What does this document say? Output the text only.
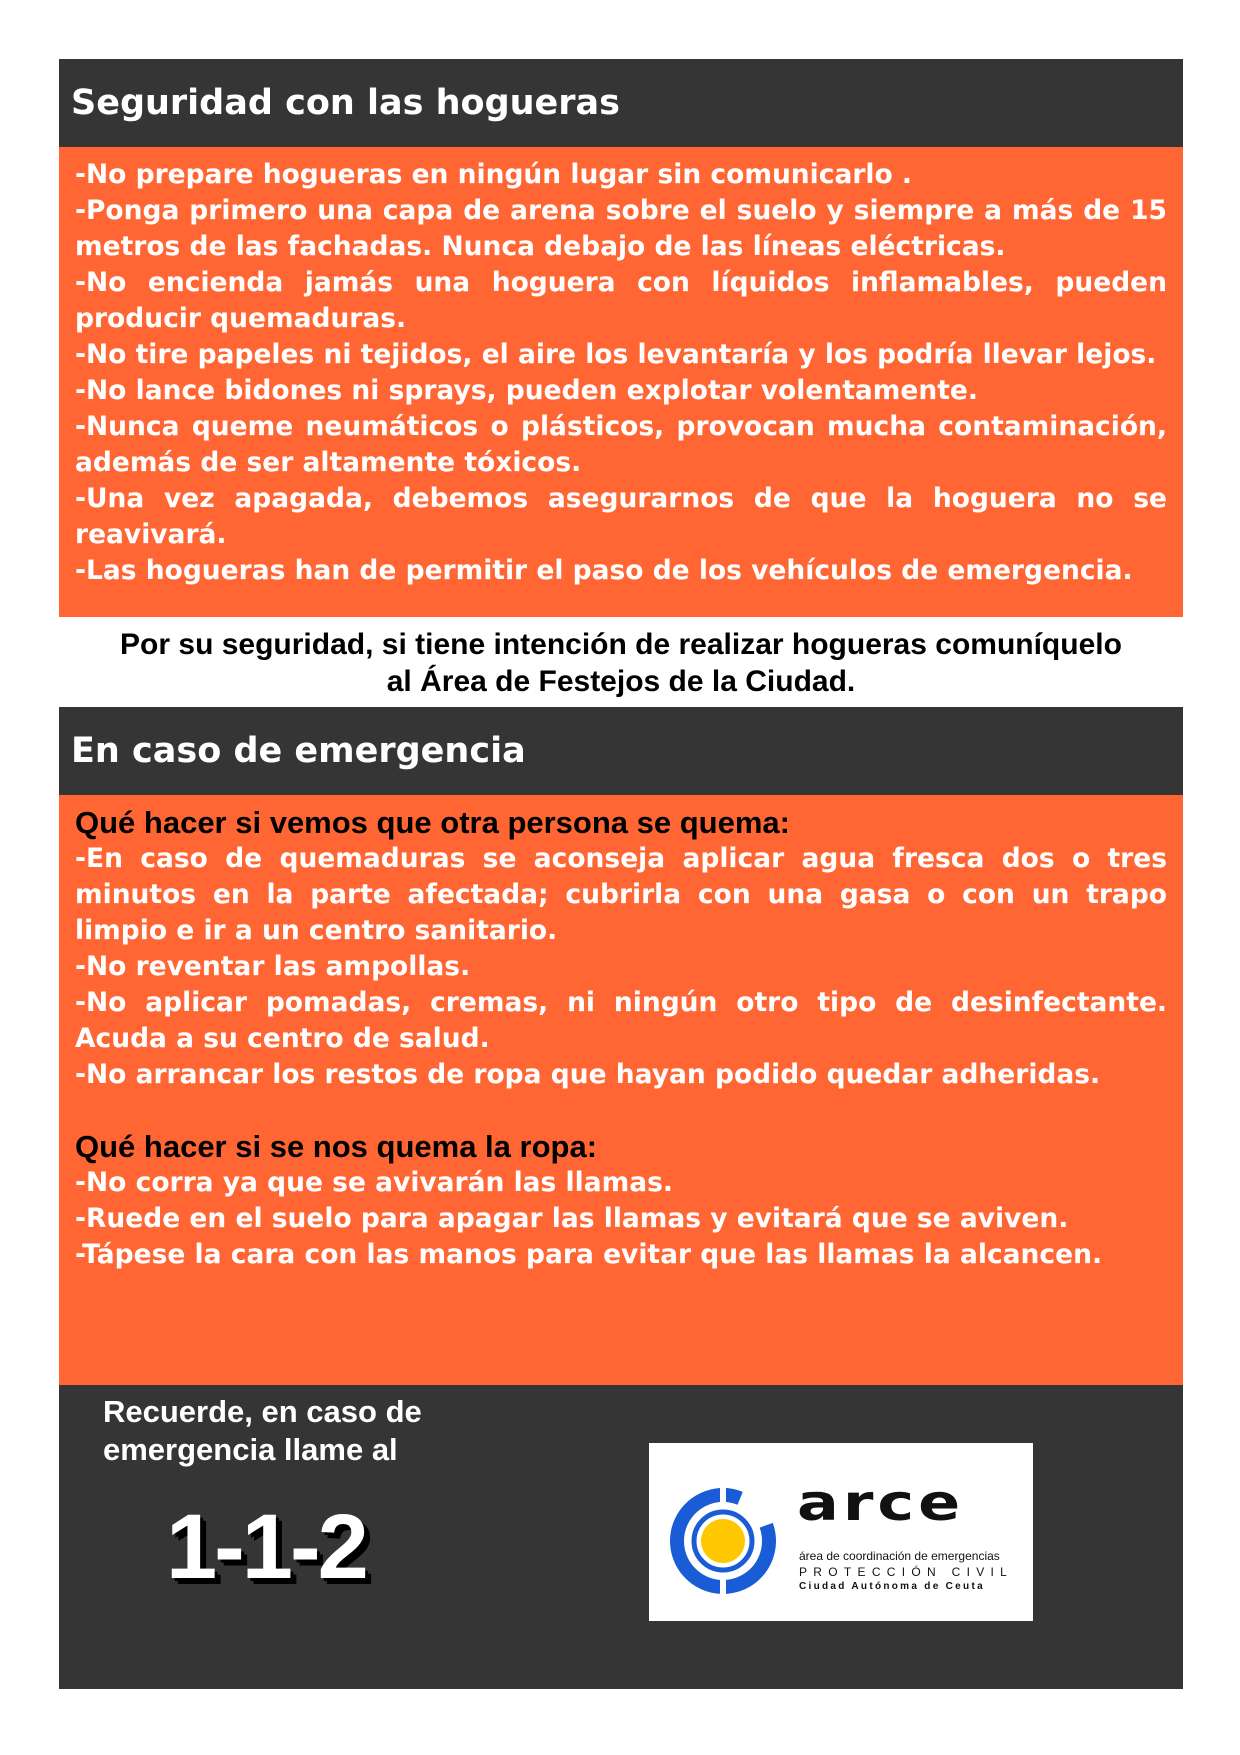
Seguridad con las hogueras
-No prepare hogueras en ningún lugar sin comunicarlo .
-Ponga primero una capa de arena sobre el suelo y siempre a más de 15
metros de las fachadas. Nunca debajo de las líneas eléctricas.
-No encienda jamás una hoguera con líquidos inflamables, pueden
producir quemaduras.
-No tire papeles ni tejidos, el aire los levantaría y los podría llevar lejos.
-No lance bidones ni sprays, pueden explotar volentamente.
-Nunca queme neumáticos o plásticos, provocan mucha contaminación,
además de ser altamente tóxicos.
-Una vez apagada, debemos asegurarnos de que la hoguera no se
reavivará.
-Las hogueras han de permitir el paso de los vehículos de emergencia.
Por su seguridad, si tiene intención de realizar hogueras comuníquelo
al Área de Festejos de la Ciudad.
En caso de emergencia
Qué hacer si vemos que otra persona se quema:
-En caso de quemaduras se aconseja aplicar agua fresca dos o tres
minutos en la parte afectada; cubrirla con una gasa o con un trapo
limpio e ir a un centro sanitario.
-No reventar las ampollas.
-No aplicar pomadas, cremas, ni ningún otro tipo de desinfectante.
Acuda a su centro de salud.
-No arrancar los restos de ropa que hayan podido quedar adheridas.
Qué hacer si se nos quema la ropa:
-No corra ya que se avivarán las llamas.
-Ruede en el suelo para apagar las llamas y evitará que se aviven.
-Tápese la cara con las manos para evitar que las llamas la alcancen.
Recuerde, en caso de
emergencia llame al
1-1-2	arce
área de coordinación de emergencias
PROTECCIÓN CIVIL
Ciudad Autónoma de Ceuta
